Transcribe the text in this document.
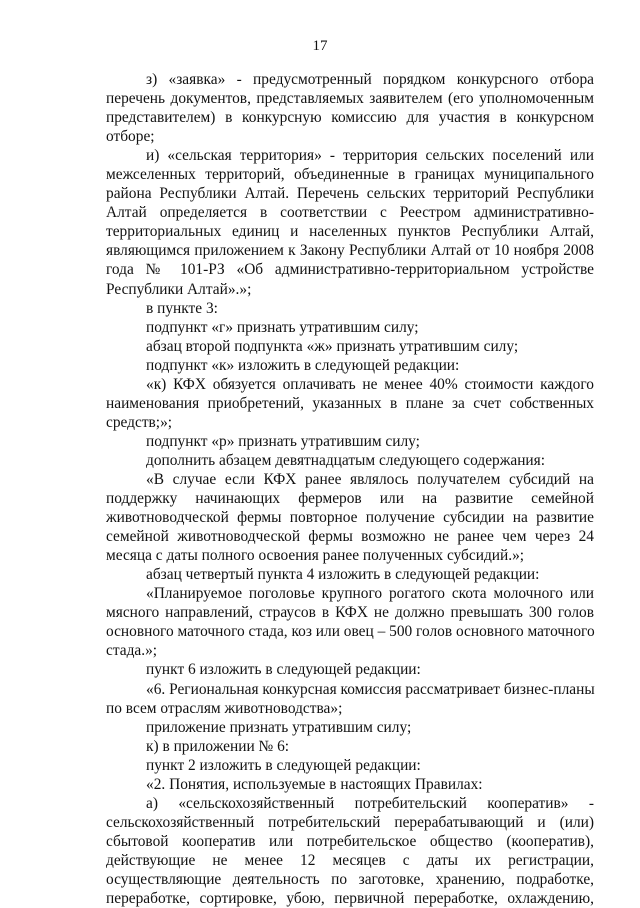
17
з) «заявка» - предусмотренный порядком конкурсного отбора
перечень документов, представляемых заявителем (его уполномоченным
представителем) в конкурсную комиссию для участия в конкурсном
отборе;
и) «сельская территория» - территория сельских поселений или
межселенных территорий, объединенные в границах муниципального
района Республики Алтай. Перечень сельских территорий Республики
Алтай определяется в соответствии с Реестром административно-
территориальных единиц и населенных пунктов Республики Алтай,
являющимся приложением к Закону Республики Алтай от 10 ноября 2008
года № 101-РЗ «Об административно-территориальном устройстве
Республики Алтай».»;
в пункте 3:
подпункт «г» признать утратившим силу;
абзац второй подпункта «ж» признать утратившим силу;
подпункт «к» изложить в следующей редакции:
«к) КФХ обязуется оплачивать не менее 40% стоимости каждого
наименования приобретений, указанных в плане за счет собственных
средств;»;
подпункт «р» признать утратившим силу;
дополнить абзацем девятнадцатым следующего содержания:
«В случае если КФХ ранее являлось получателем субсидий на
поддержку начинающих фермеров или на развитие семейной
животноводческой фермы повторное получение субсидии на развитие
семейной животноводческой фермы возможно не ранее чем через 24
месяца с даты полного освоения ранее полученных субсидий.»;
абзац четвертый пункта 4 изложить в следующей редакции:
«Планируемое поголовье крупного рогатого скота молочного или
мясного направлений, страусов в КФХ не должно превышать 300 голов
основного маточного стада, коз или овец – 500 голов основного маточного
стада.»;
пункт 6 изложить в следующей редакции:
«6. Региональная конкурсная комиссия рассматривает бизнес-планы
по всем отраслям животноводства»;
приложение признать утратившим силу;
к) в приложении № 6:
пункт 2 изложить в следующей редакции:
«2. Понятия, используемые в настоящих Правилах:
а) «сельскохозяйственный потребительский кооператив» -
сельскохозяйственный потребительский перерабатывающий и (или)
сбытовой кооператив или потребительское общество (кооператив),
действующие не менее 12 месяцев с даты их регистрации,
осуществляющие деятельность по заготовке, хранению, подработке,
переработке, сортировке, убою, первичной переработке, охлаждению,
